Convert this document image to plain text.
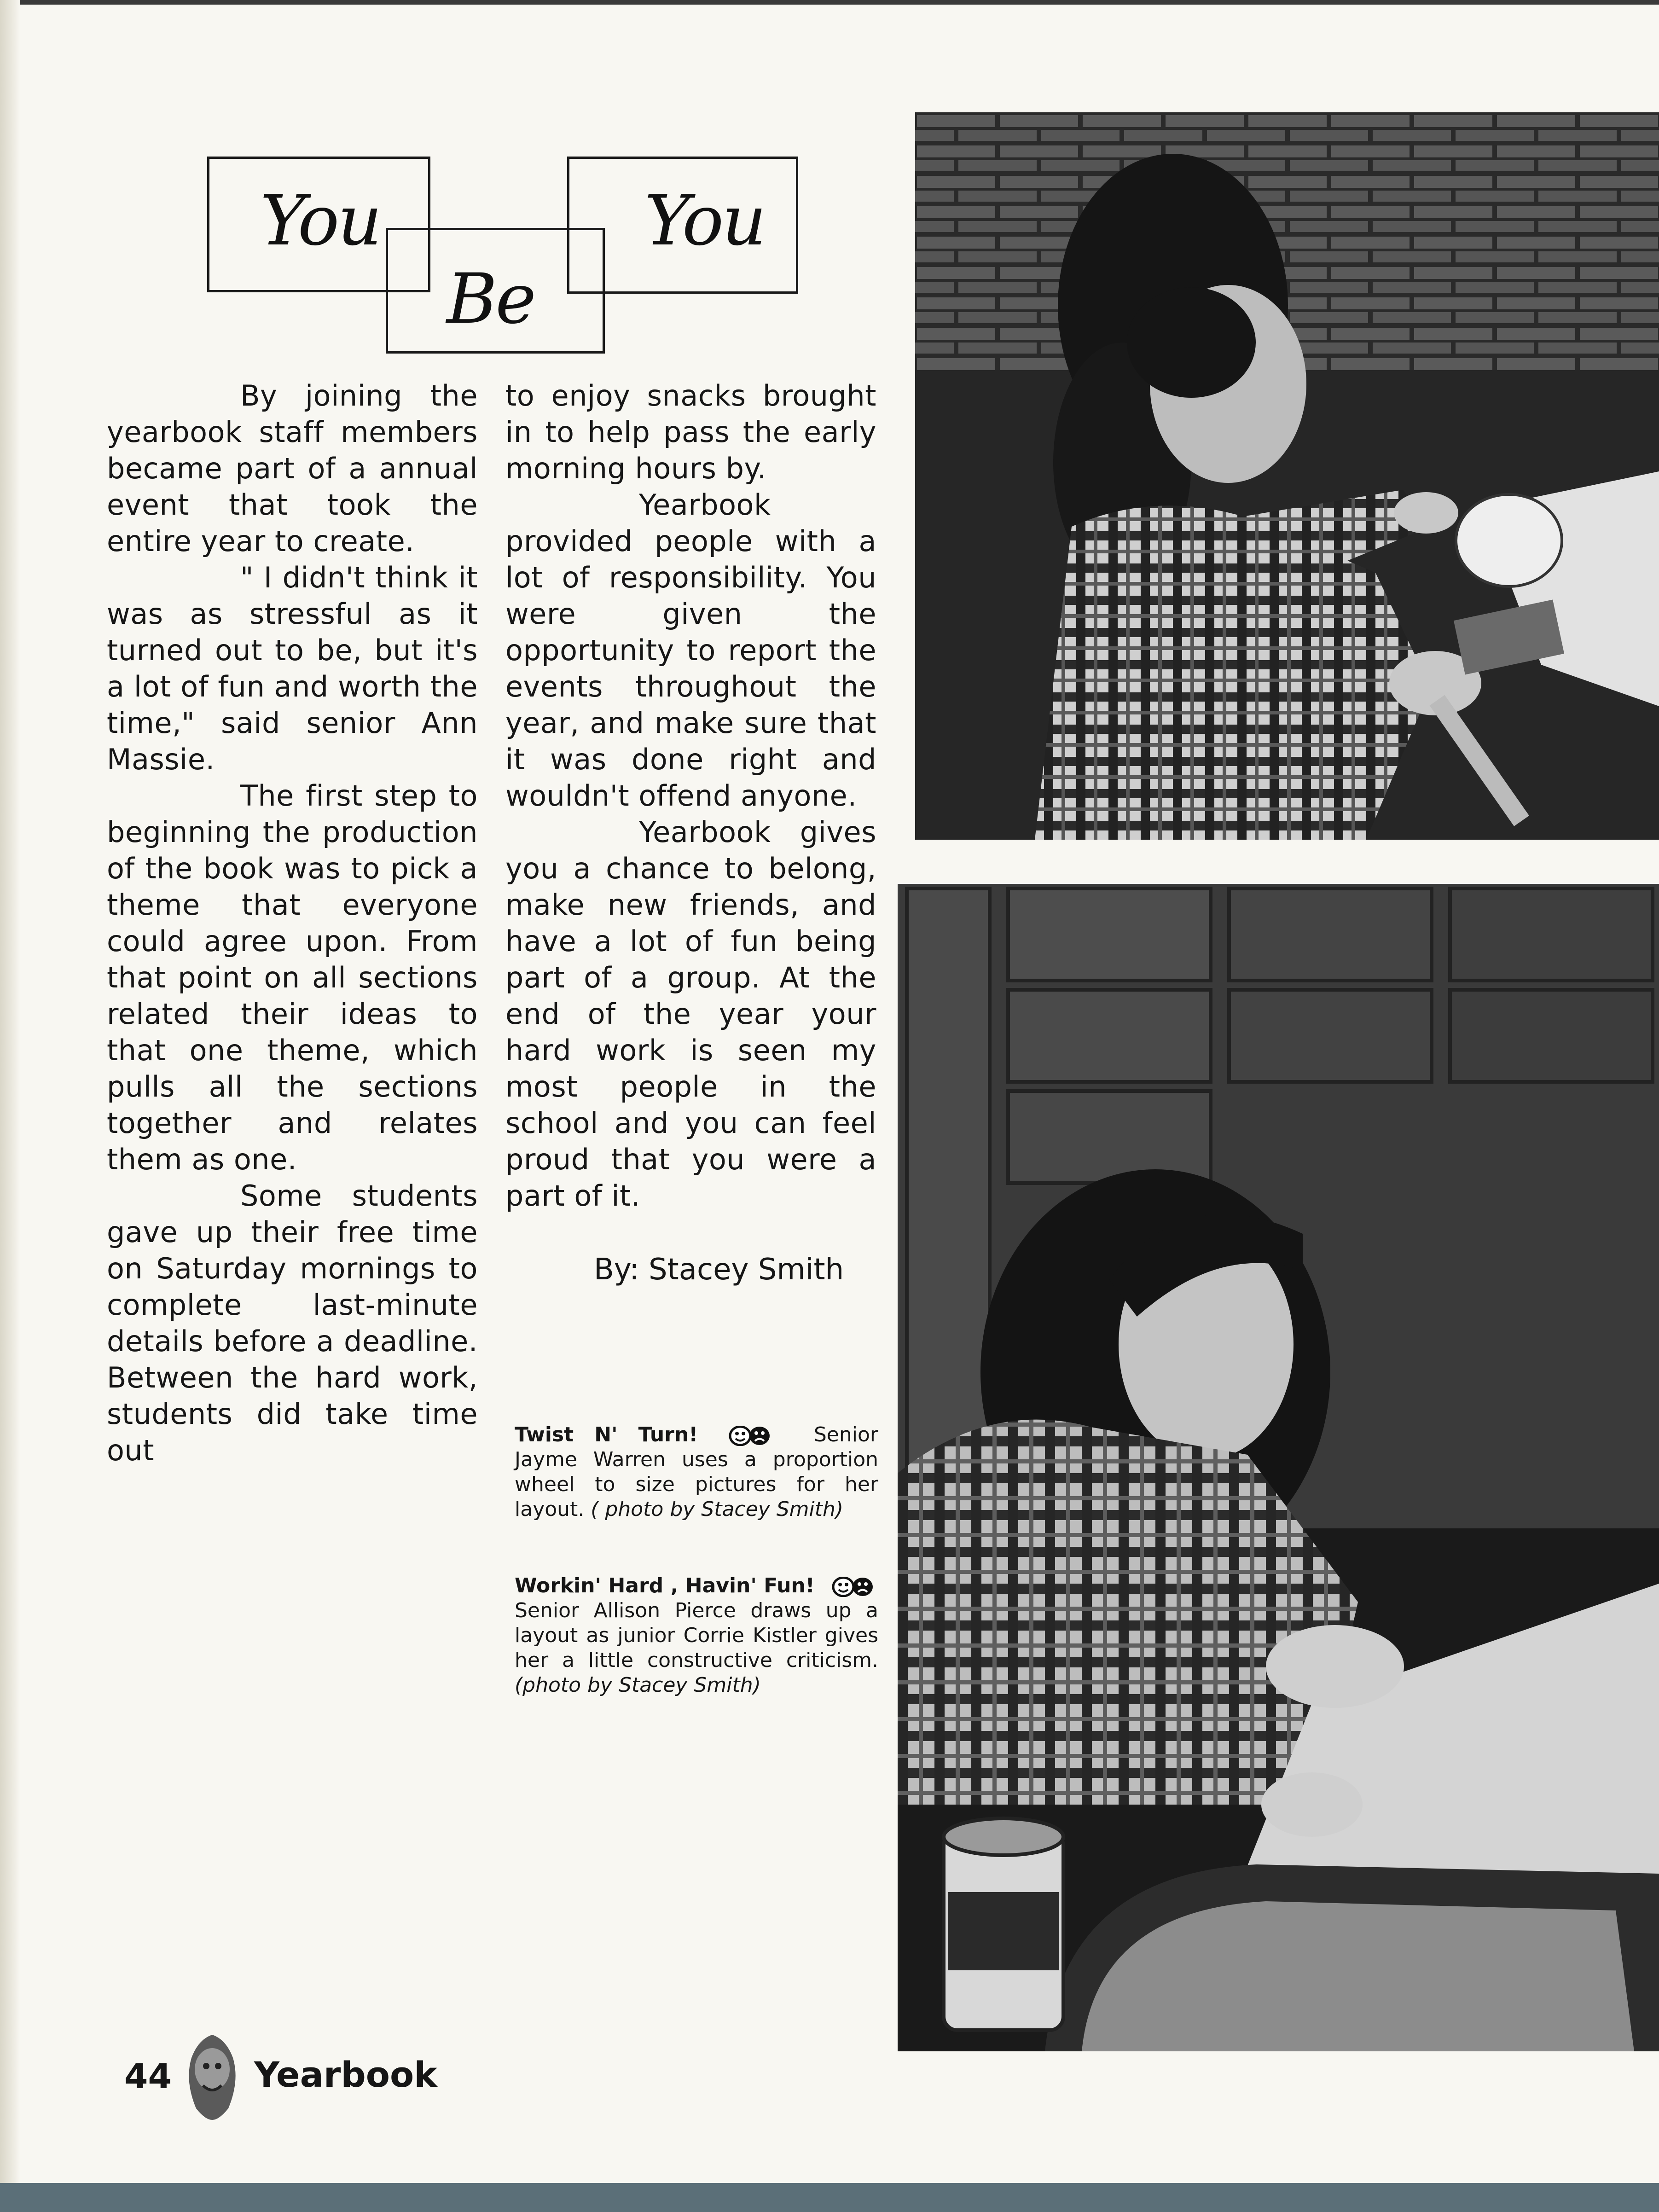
You
Be
You

By joining the yearbook staff members became part of a annual event that took the entire year to create.

" I didn't think it was as stressful as it turned out to be, but it's a lot of fun and worth the time," said senior Ann Massie.

The first step to beginning the production of the book was to pick a theme that everyone could agree upon. From that point on all sections related their ideas to that one theme, which pulls all the sections together and relates them as one.

Some students gave up their free time on Saturday mornings to complete last-minute details before a deadline. Between the hard work, students did take time out

to enjoy snacks brought in to help pass the early morning hours by.

Yearbook provided people with a lot of responsibility. You were given the opportunity to report the events throughout the year, and make sure that it was done right and wouldn't offend anyone.

Yearbook gives you a chance to belong, make new friends, and have a lot of fun being part of a group. At the end of the year your hard work is seen my most people in the school and you can feel proud that you were a part of it.

By: Stacey Smith
Twist N' Turn!	Senior Jayme Warren uses a proportion wheel to size pictures for her layout. ( photo by Stacey Smith)
Workin' Hard , Havin' Fun!  Senior Allison Pierce draws up a layout as junior Corrie Kistler gives her a little constructive criticism. (photo by Stacey Smith)
44 Yearbook
